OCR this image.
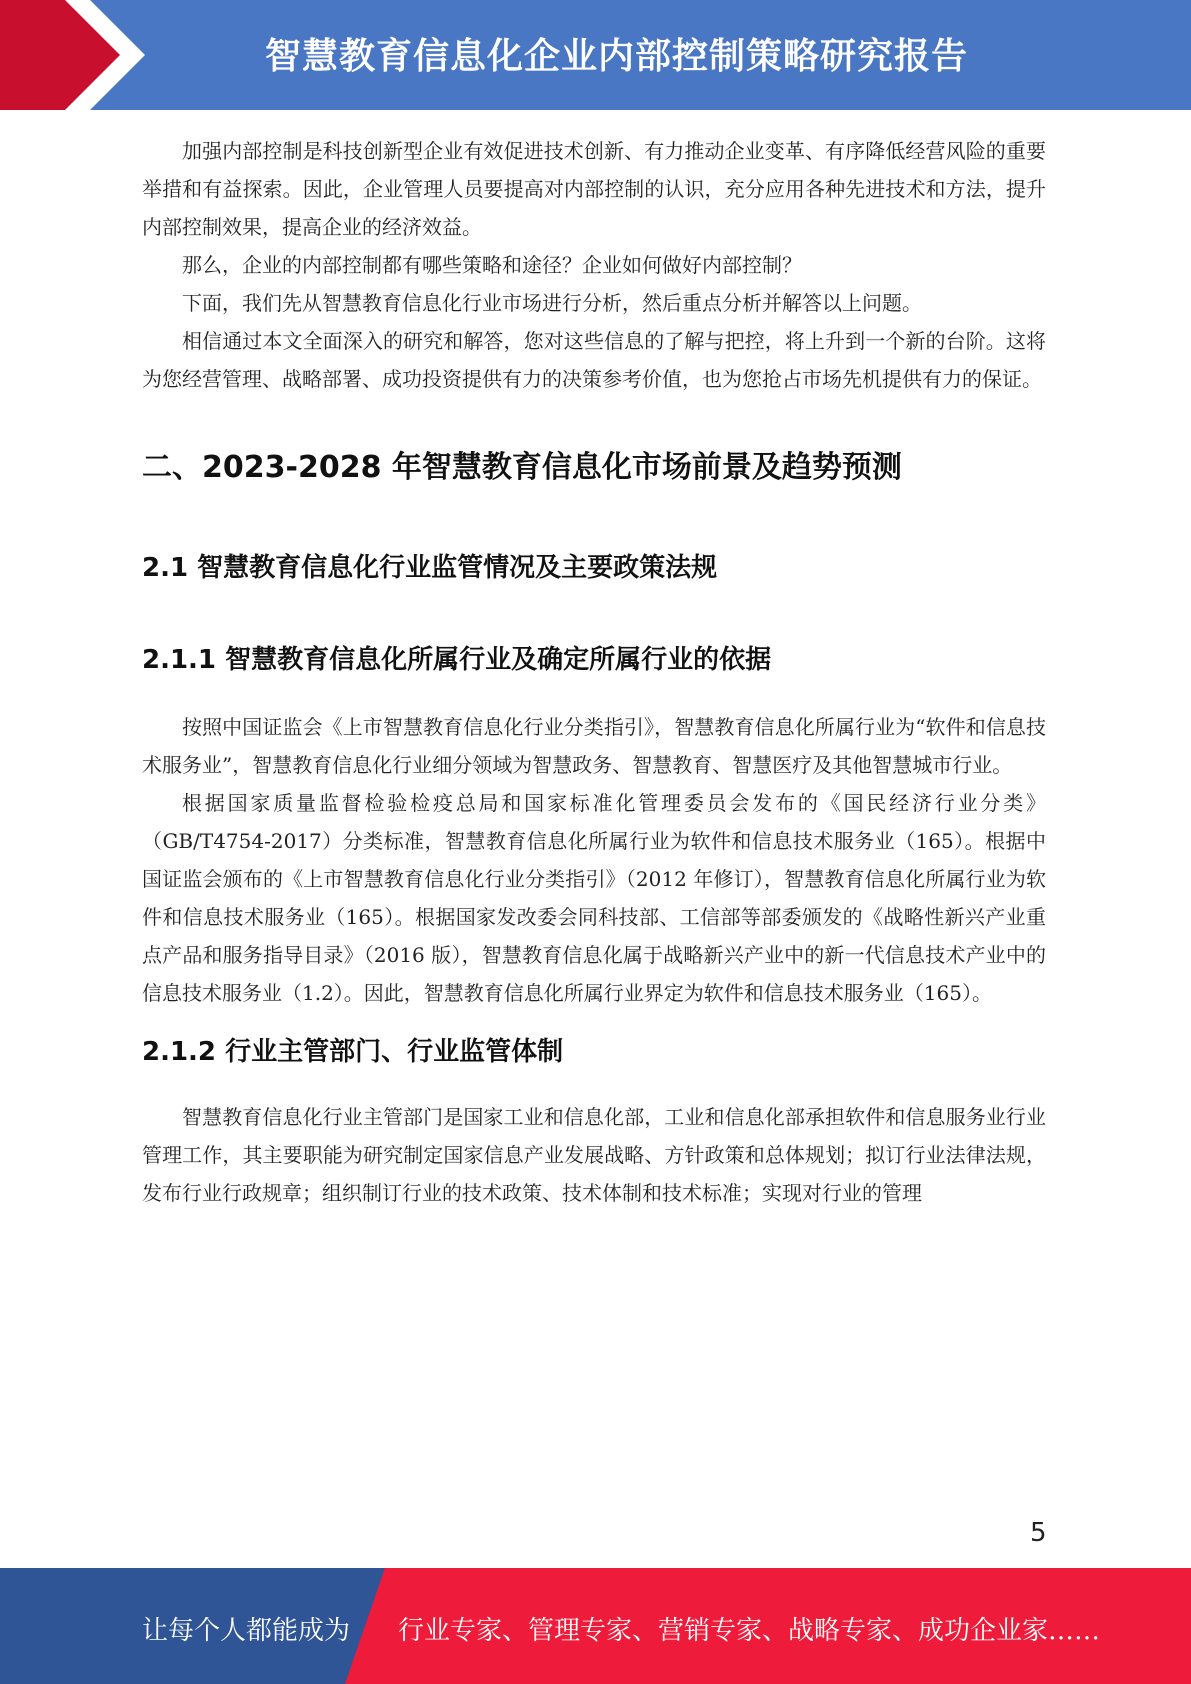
智慧教育信息化企业内部控制策略研究报告

加强内部控制是科技创新型企业有效促进技术创新、有力推动企业变革、有序降低经营风险的重要举措和有益探索。因此，企业管理人员要提高对内部控制的认识，充分应用各种先进技术和方法，提升内部控制效果，提高企业的经济效益。

那么，企业的内部控制都有哪些策略和途径？企业如何做好内部控制？

下面，我们先从智慧教育信息化行业市场进行分析，然后重点分析并解答以上问题。

相信通过本文全面深入的研究和解答，您对这些信息的了解与把控，将上升到一个新的台阶。这将为您经营管理、战略部署、成功投资提供有力的决策参考价值，也为您抢占市场先机提供有力的保证。

二、2023-2028 年智慧教育信息化市场前景及趋势预测
2.1 智慧教育信息化行业监管情况及主要政策法规
2.1.1 智慧教育信息化所属行业及确定所属行业的依据

按照中国证监会《上市智慧教育信息化行业分类指引》，智慧教育信息化所属行业为“软件和信息技术服务业”，智慧教育信息化行业细分领域为智慧政务、智慧教育、智慧医疗及其他智慧城市行业。

根据国家质量监督检验检疫总局和国家标准化管理委员会发布的《国民经济行业分类》（GB/T4754-2017）分类标准，智慧教育信息化所属行业为软件和信息技术服务业（165）。根据中国证监会颁布的《上市智慧教育信息化行业分类指引》（2012 年修订），智慧教育信息化所属行业为软件和信息技术服务业（165）。根据国家发改委会同科技部、工信部等部委颁发的《战略性新兴产业重点产品和服务指导目录》（2016 版），智慧教育信息化属于战略新兴产业中的新一代信息技术产业中的信息技术服务业（1.2）。因此，智慧教育信息化所属行业界定为软件和信息技术服务业（165）。

2.1.2 行业主管部门、行业监管体制

智慧教育信息化行业主管部门是国家工业和信息化部，工业和信息化部承担软件和信息服务业行业管理工作，其主要职能为研究制定国家信息产业发展战略、方针政策和总体规划；拟订行业法律法规，发布行业行政规章；组织制订行业的技术政策、技术体制和技术标准；实现对行业的管理

5
让每个人都能成为 行业专家、管理专家、营销专家、战略专家、成功企业家……
